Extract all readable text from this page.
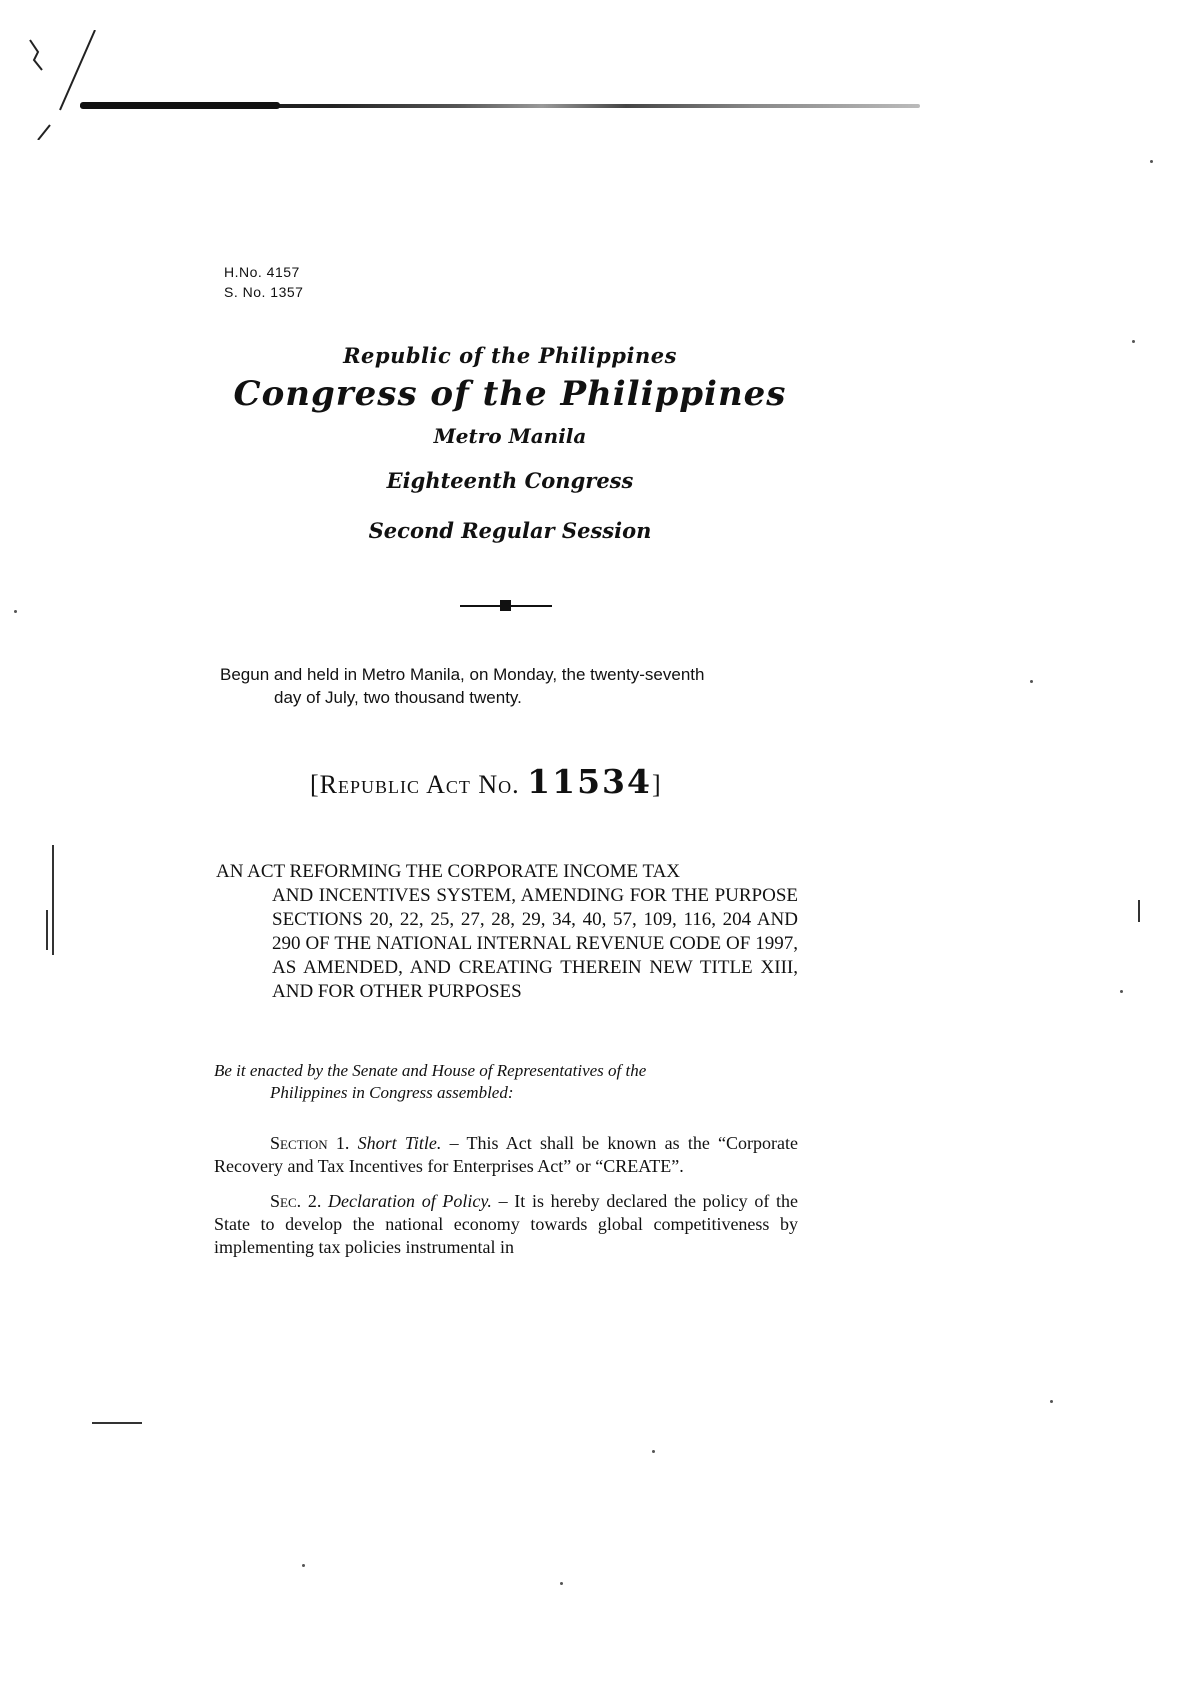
H.No. 4157
S. No. 1357
Republic of the Philippines
Congress of the Philippines
Metro Manila
Eighteenth Congress
Second Regular Session
Begun and held in Metro Manila, on Monday, the twenty-seventh
day of July, two thousand twenty.
[Republic Act No. 11534]
AN ACT REFORMING THE CORPORATE INCOME TAX
AND INCENTIVES SYSTEM, AMENDING FOR THE PURPOSE SECTIONS 20, 22, 25, 27, 28, 29, 34, 40, 57, 109, 116, 204 AND 290 OF THE NATIONAL INTERNAL REVENUE CODE OF 1997, AS AMENDED, AND CREATING THEREIN NEW TITLE XIII, AND FOR OTHER PURPOSES
Be it enacted by the Senate and House of Representatives of the
Philippines in Congress assembled:
Section 1. Short Title. – This Act shall be known as the “Corporate Recovery and Tax Incentives for Enterprises Act” or “CREATE”.
Sec. 2. Declaration of Policy. – It is hereby declared the policy of the State to develop the national economy towards global competitiveness by implementing tax policies instrumental in
